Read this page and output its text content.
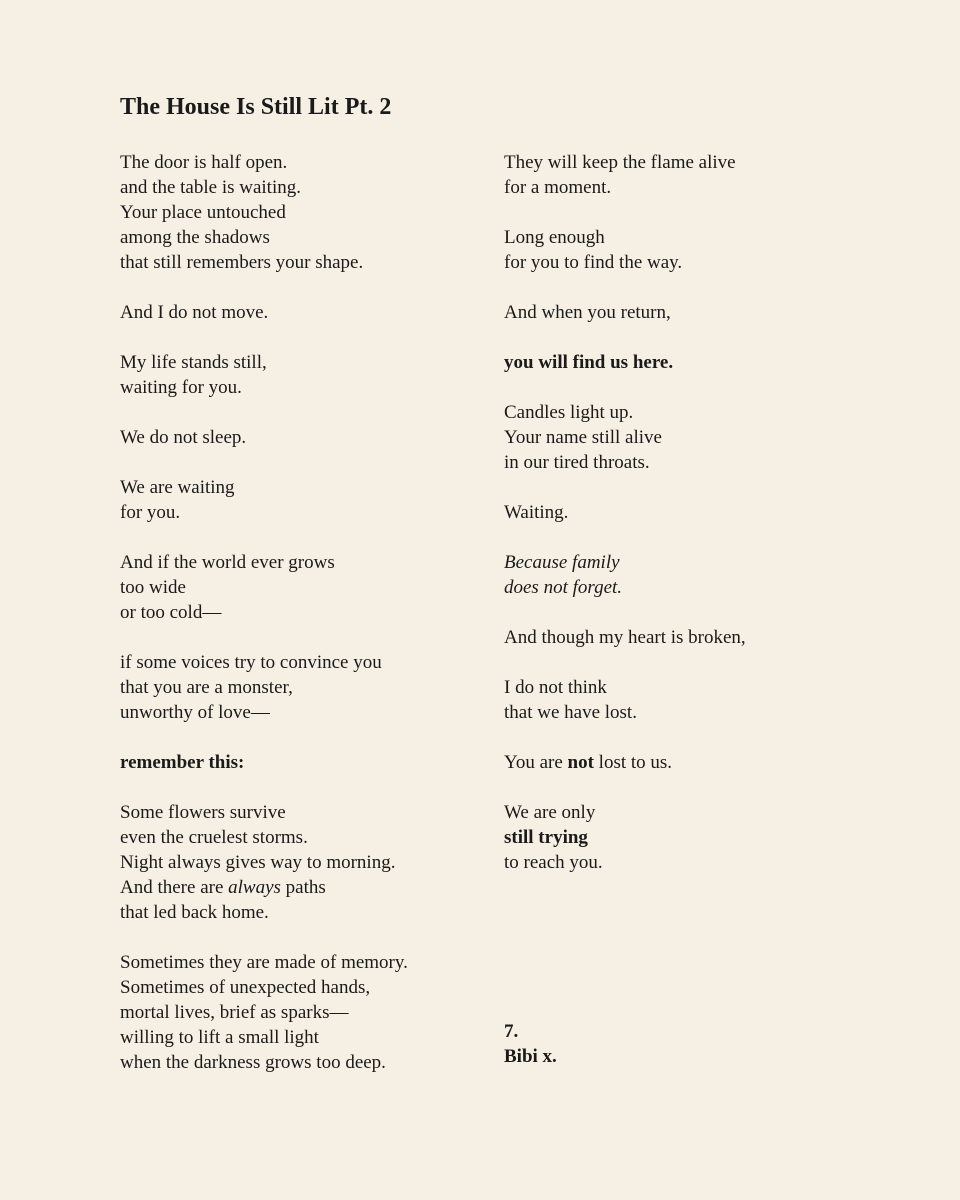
The House Is Still Lit Pt. 2
The door is half open.
and the table is waiting.
Your place untouched
among the shadows
that still remembers your shape.
And I do not move.
My life stands still,
waiting for you.
We do not sleep.
We are waiting
for you.
And if the world ever grows
too wide
or too cold—
if some voices try to convince you
that you are a monster,
unworthy of love—
remember this:
Some flowers survive
even the cruelest storms.
Night always gives way to morning.
And there are always paths
that led back home.
Sometimes they are made of memory.
Sometimes of unexpected hands,
mortal lives, brief as sparks—
willing to lift a small light
when the darkness grows too deep.
They will keep the flame alive
for a moment.
Long enough
for you to find the way.
And when you return,
you will find us here.
Candles light up.
Your name still alive
in our tired throats.
Waiting.
Because family
does not forget.
And though my heart is broken,
I do not think
that we have lost.
You are not lost to us.
We are only
still trying
to reach you.
7.
Bibi x.
